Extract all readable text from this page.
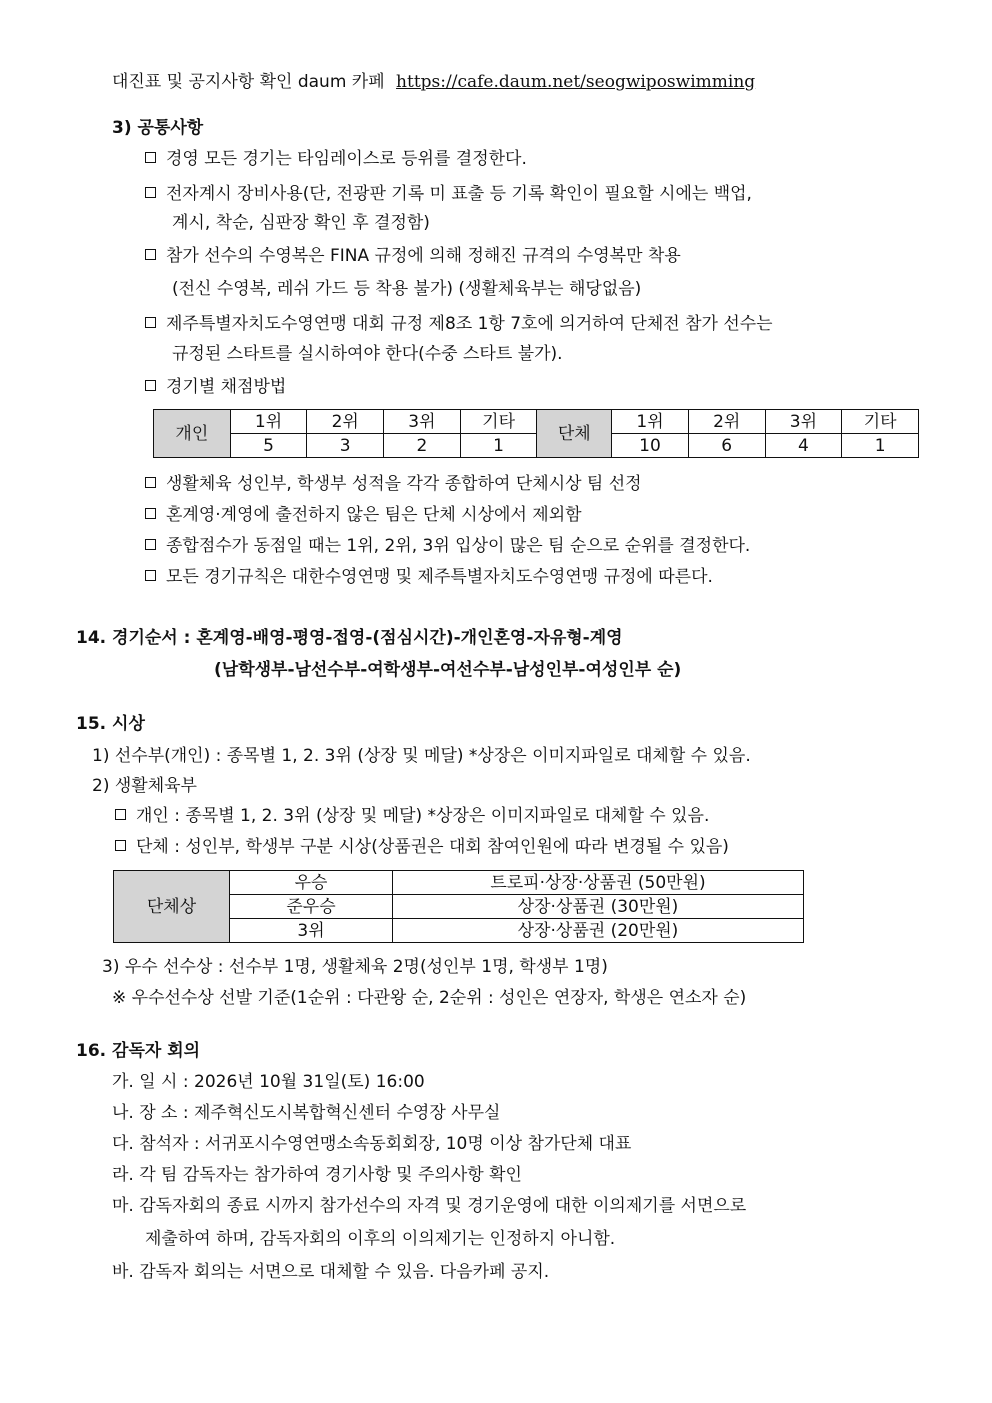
대진표 및 공지사항 확인 daum 카페 https://cafe.daum.net/seogwiposwimming
3) 공통사항
경영 모든 경기는 타임레이스로 등위를 결정한다.
전자계시 장비사용(단, 전광판 기록 미 표출 등 기록 확인이 필요할 시에는 백업,
계시, 착순, 심판장 확인 후 결정함)
참가 선수의 수영복은 FINA 규정에 의해 정해진 규격의 수영복만 착용
(전신 수영복, 레쉬 가드 등 착용 불가) (생활체육부는 해당없음)
제주특별자치도수영연맹 대회 규정 제8조 1항 7호에 의거하여 단체전 참가 선수는
규정된 스타트를 실시하여야 한다(수중 스타트 불가).
경기별 채점방법
개인	1위	2위	3위	기타	단체	1위	2위	3위	기타
	5	3	2	1		10	6	4	1
생활체육 성인부, 학생부 성적을 각각 종합하여 단체시상 팀 선정
혼계영·계영에 출전하지 않은 팀은 단체 시상에서 제외함
종합점수가 동점일 때는 1위, 2위, 3위 입상이 많은 팀 순으로 순위를 결정한다.
모든 경기규칙은 대한수영연맹 및 제주특별자치도수영연맹 규정에 따른다.
14. 경기순서 : 혼계영-배영-평영-접영-(점심시간)-개인혼영-자유형-계영
(남학생부-남선수부-여학생부-여선수부-남성인부-여성인부 순)
15. 시상
1) 선수부(개인) : 종목별 1, 2. 3위 (상장 및 메달) *상장은 이미지파일로 대체할 수 있음.
2) 생활체육부
개인 : 종목별 1, 2. 3위 (상장 및 메달) *상장은 이미지파일로 대체할 수 있음.
단체 : 성인부, 학생부 구분 시상(상품권은 대회 참여인원에 따라 변경될 수 있음)
단체상	우승	트로피·상장·상품권 (50만원)
	준우승	상장·상품권 (30만원)
	3위	상장·상품권 (20만원)
3) 우수 선수상 : 선수부 1명, 생활체육 2명(성인부 1명, 학생부 1명)
※ 우수선수상 선발 기준(1순위 : 다관왕 순, 2순위 : 성인은 연장자, 학생은 연소자 순)
16. 감독자 회의
가. 일 시 : 2026년 10월 31일(토) 16:00
나. 장 소 : 제주혁신도시복합혁신센터 수영장 사무실
다. 참석자 : 서귀포시수영연맹소속동회회장, 10명 이상 참가단체 대표
라. 각 팀 감독자는 참가하여 경기사항 및 주의사항 확인
마. 감독자회의 종료 시까지 참가선수의 자격 및 경기운영에 대한 이의제기를 서면으로
제출하여 하며, 감독자회의 이후의 이의제기는 인정하지 아니함.
바. 감독자 회의는 서면으로 대체할 수 있음. 다음카페 공지.
